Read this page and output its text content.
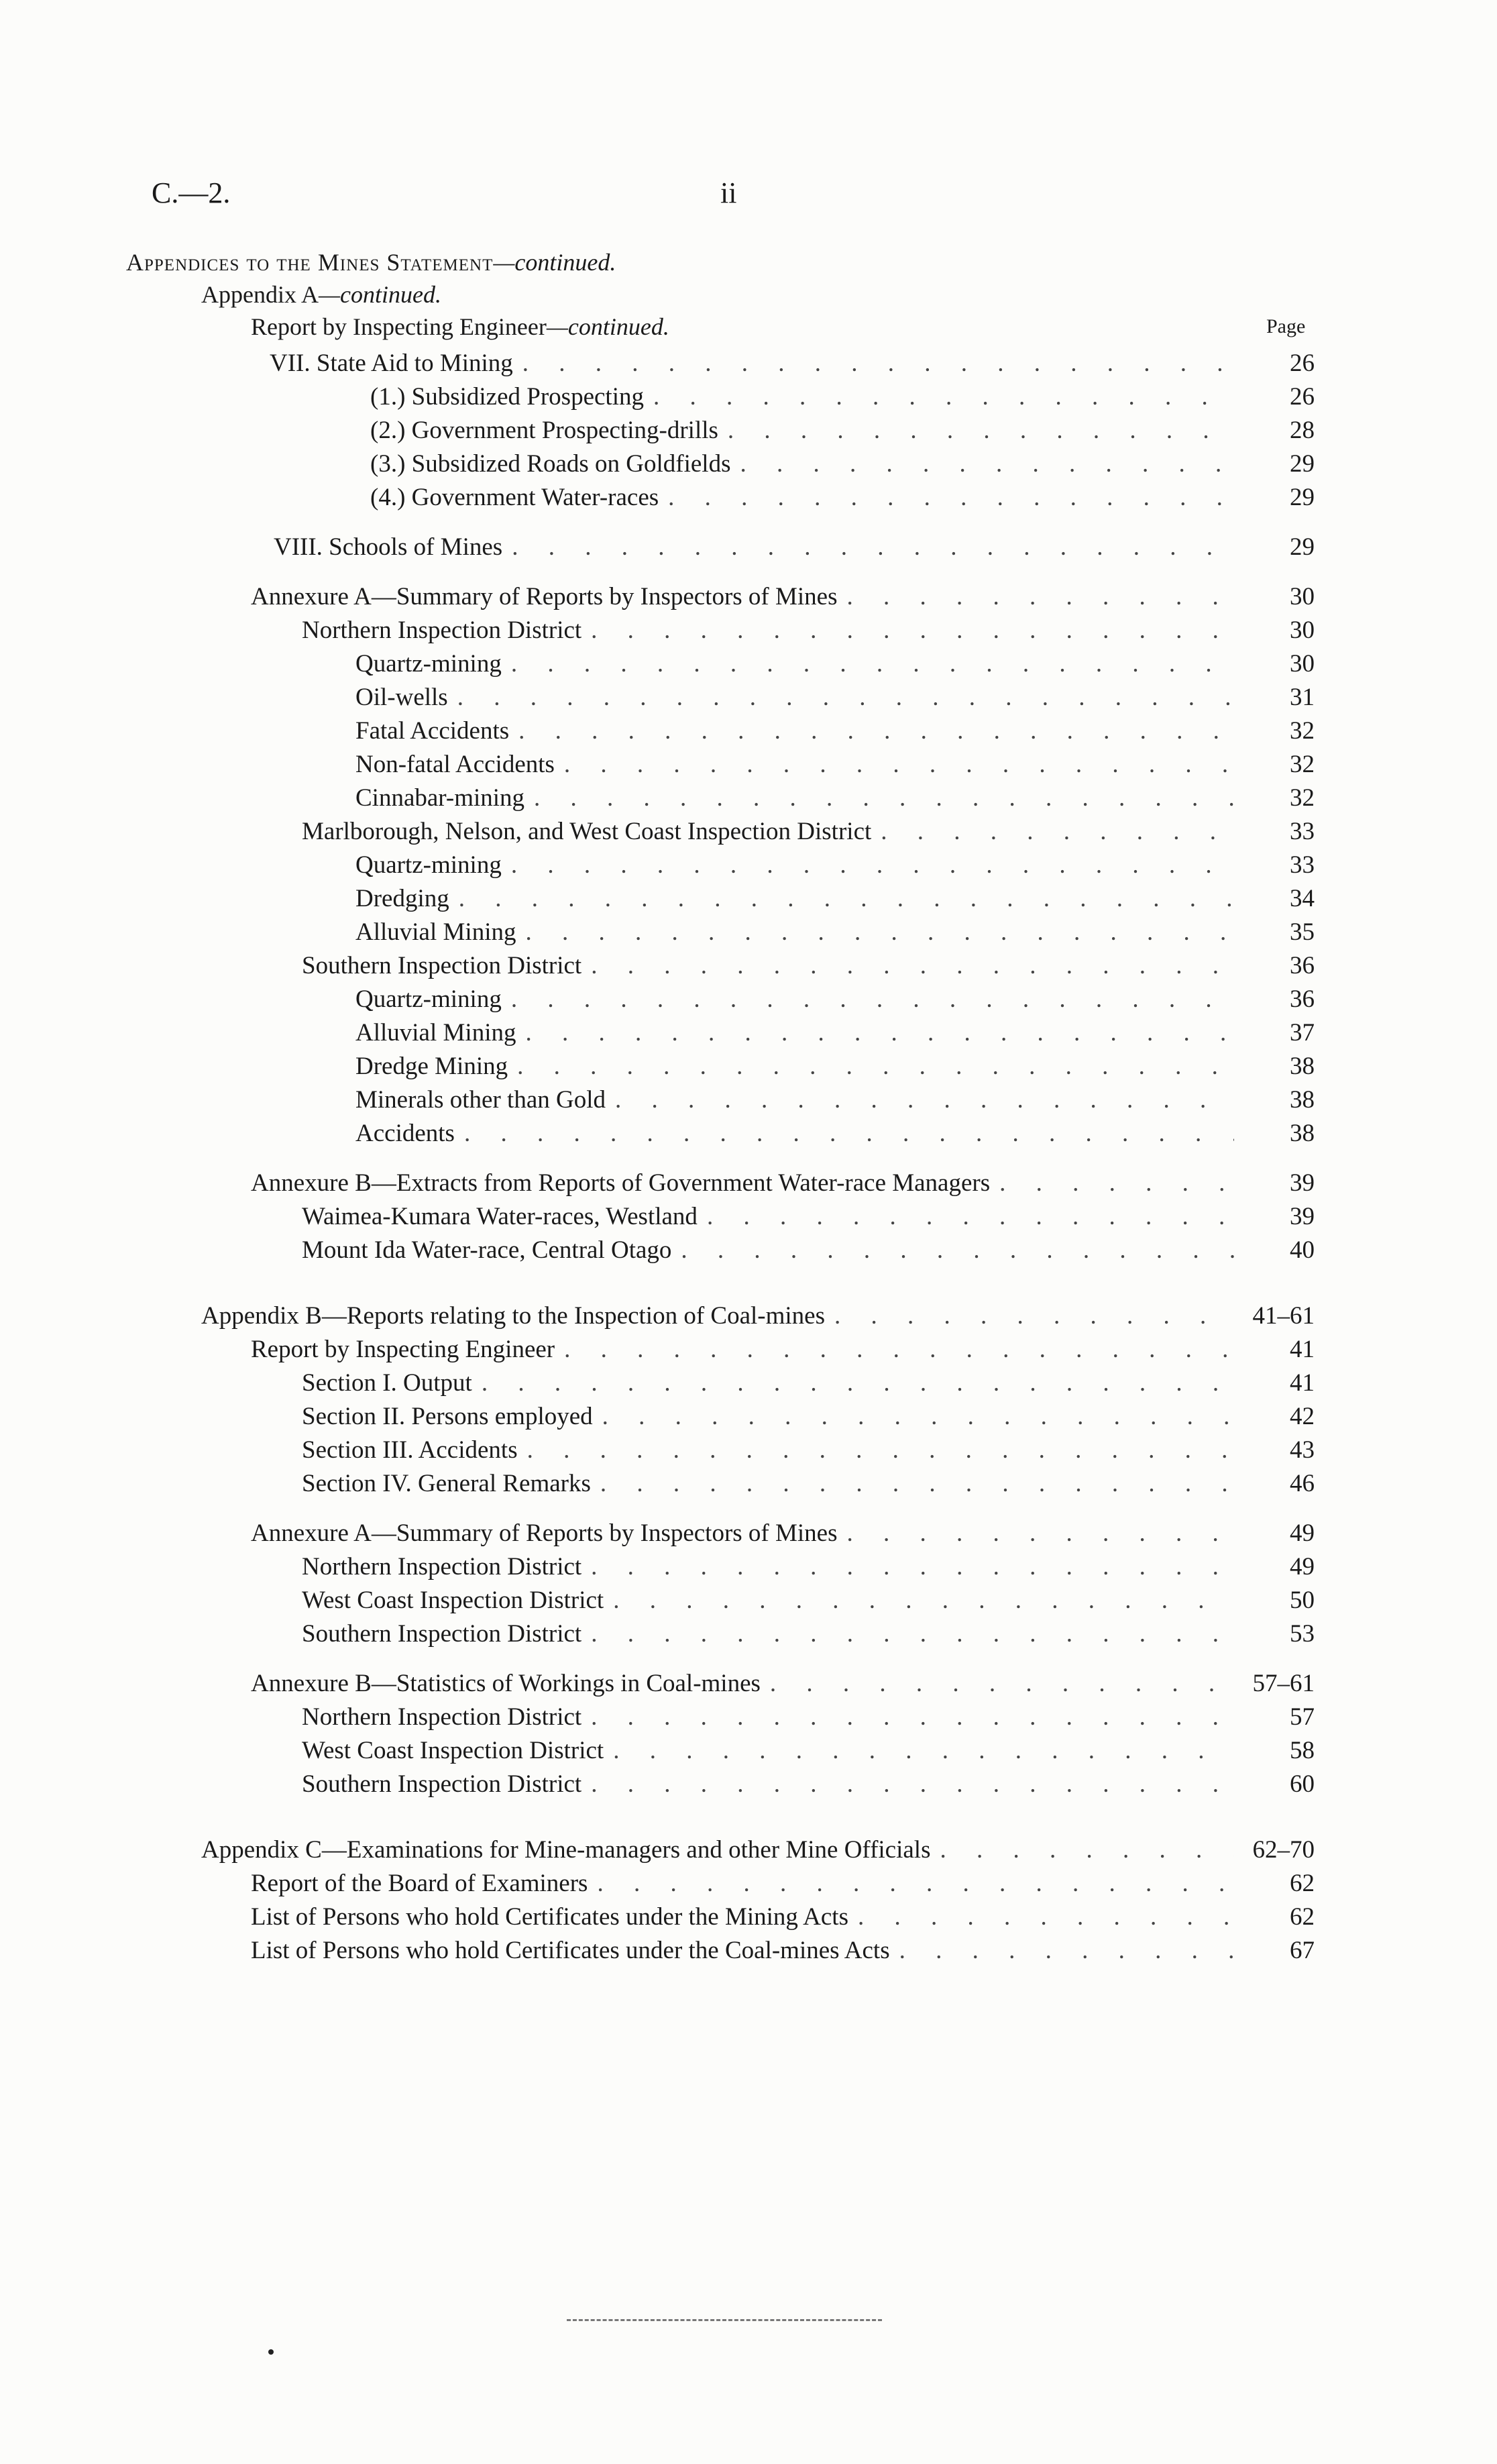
C.—2.	ii
Appendices to the Mines Statement—continued.
Appendix A—continued.
Report by Inspecting Engineer—continued.	Page
VII. State Aid to Mining . . .	26
(1.) Subsidized Prospecting . . .	26
(2.) Government Prospecting-drills . . .	28
(3.) Subsidized Roads on Goldfields . . .	29
(4.) Government Water-races . . .	29
VIII. Schools of Mines . . .	29
Annexure A—Summary of Reports by Inspectors of Mines . . .	30
Northern Inspection District . . .	30
Quartz-mining . . .	30
Oil-wells . . .	31
Fatal Accidents . . .	32
Non-fatal Accidents . . .	32
Cinnabar-mining . . .	32
Marlborough, Nelson, and West Coast Inspection District . . .	33
Quartz-mining . . .	33
Dredging . . .	34
Alluvial Mining . . .	35
Southern Inspection District . . .	36
Quartz-mining . . .	36
Alluvial Mining . . .	37
Dredge Mining . . .	38
Minerals other than Gold . . .	38
Accidents . . .	38
Annexure B—Extracts from Reports of Government Water-race Managers . . .	39
Waimea-Kumara Water-races, Westland . . .	39
Mount Ida Water-race, Central Otago . . .	40
Appendix B—Reports relating to the Inspection of Coal-mines . . .	41–61
Report by Inspecting Engineer . . .	41
Section I. Output . . .	41
Section II. Persons employed . . .	42
Section III. Accidents . . .	43
Section IV. General Remarks . . .	46
Annexure A—Summary of Reports by Inspectors of Mines . . .	49
Northern Inspection District . . .	49
West Coast Inspection District . . .	50
Southern Inspection District . . .	53
Annexure B—Statistics of Workings in Coal-mines . . .	57–61
Northern Inspection District . . .	57
West Coast Inspection District . . .	58
Southern Inspection District . . .	60
Appendix C—Examinations for Mine-managers and other Mine Officials . . .	62–70
Report of the Board of Examiners . . .	62
List of Persons who hold Certificates under the Mining Acts . . .	62
List of Persons who hold Certificates under the Coal-mines Acts . . .	67
